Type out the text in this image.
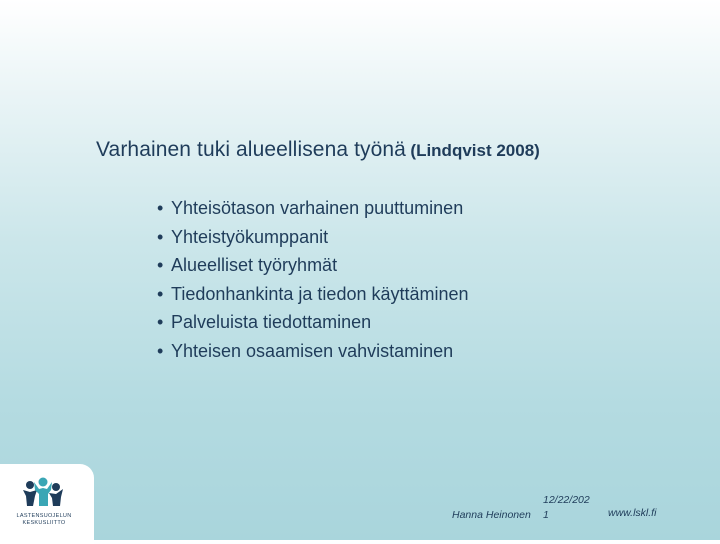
Varhainen tuki alueellisena työnä (Lindqvist 2008)
• Yhteisötason varhainen puuttuminen
• Yhteistyökumppanit
• Alueelliset työryhmät
• Tiedonhankinta ja tiedon käyttäminen
• Palveluista tiedottaminen
• Yhteisen osaamisen vahvistaminen
LASTENSUOJELUN
KESKUSLIITTO
Hanna Heinonen
12/22/202
1	www.lskl.fi
